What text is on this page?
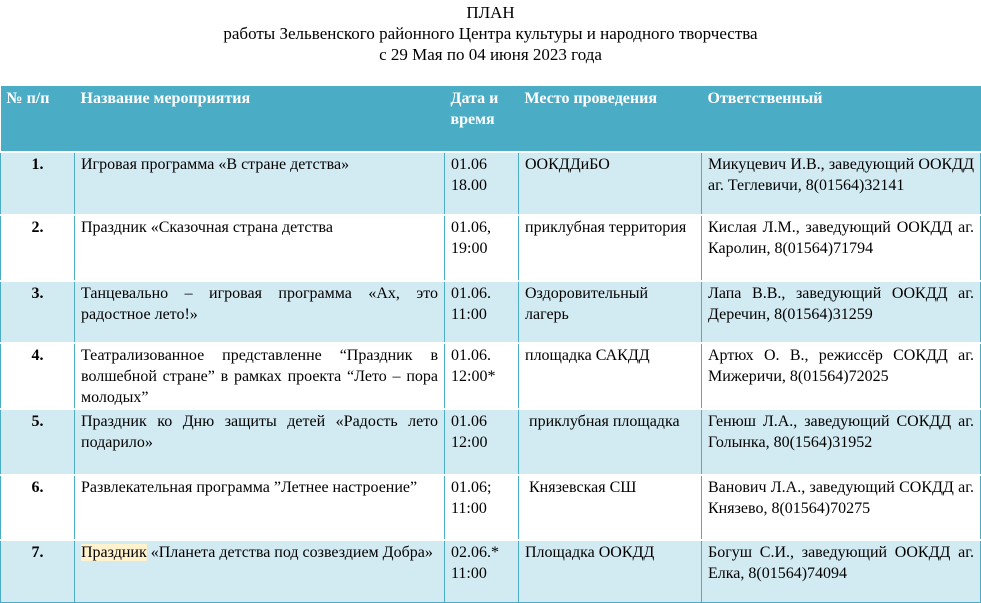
ПЛАН
работы Зельвенского районного Центра культуры и народного творчества
с 29 Мая по 04 июня 2023 года
№ п/п	Название мероприятия	Дата и время	Место проведения	Ответственный
1.	Игровая программа «В стране детства»	01.06 18.00	ООКДДиБО	Микуцевич И.В., заведующий ООКДД аг. Теглевичи, 8(01564)32141
2.	Праздник «Сказочная страна детства	01.06, 19:00	приклубная территория	Кислая Л.М., заведующий ООКДД аг. Каролин, 8(01564)71794
3.	Танцевально – игровая программа «Ах, это радостное лето!»	01.06. 11:00	Оздоровительный лагерь	Лапа В.В., заведующий ООКДД аг. Деречин, 8(01564)31259
4.	Театрализованное представленне “Праздник в волшебной стране” в рамках проекта “Лето – пора молодых”	01.06. 12:00*	площадка САКДД	Артюх О. В., режиссёр СОКДД аг. Мижеричи, 8(01564)72025
5.	Праздник ко Дню защиты детей «Радость лето подарило»	01.06 12:00	приклубная площадка	Генюш Л.А., заведующий СОКДД аг. Голынка, 80(1564)31952
6.	Развлекательная программа ”Летнее настроение”	01.06; 11:00	Князевская СШ	Ванович Л.А., заведующий СОКДД аг. Князево, 8(01564)70275
7.	Праздник «Планета детства под созвездием Добра»	02.06.* 11:00	Площадка ООКДД	Богуш С.И., заведующий ООКДД аг. Елка, 8(01564)74094
